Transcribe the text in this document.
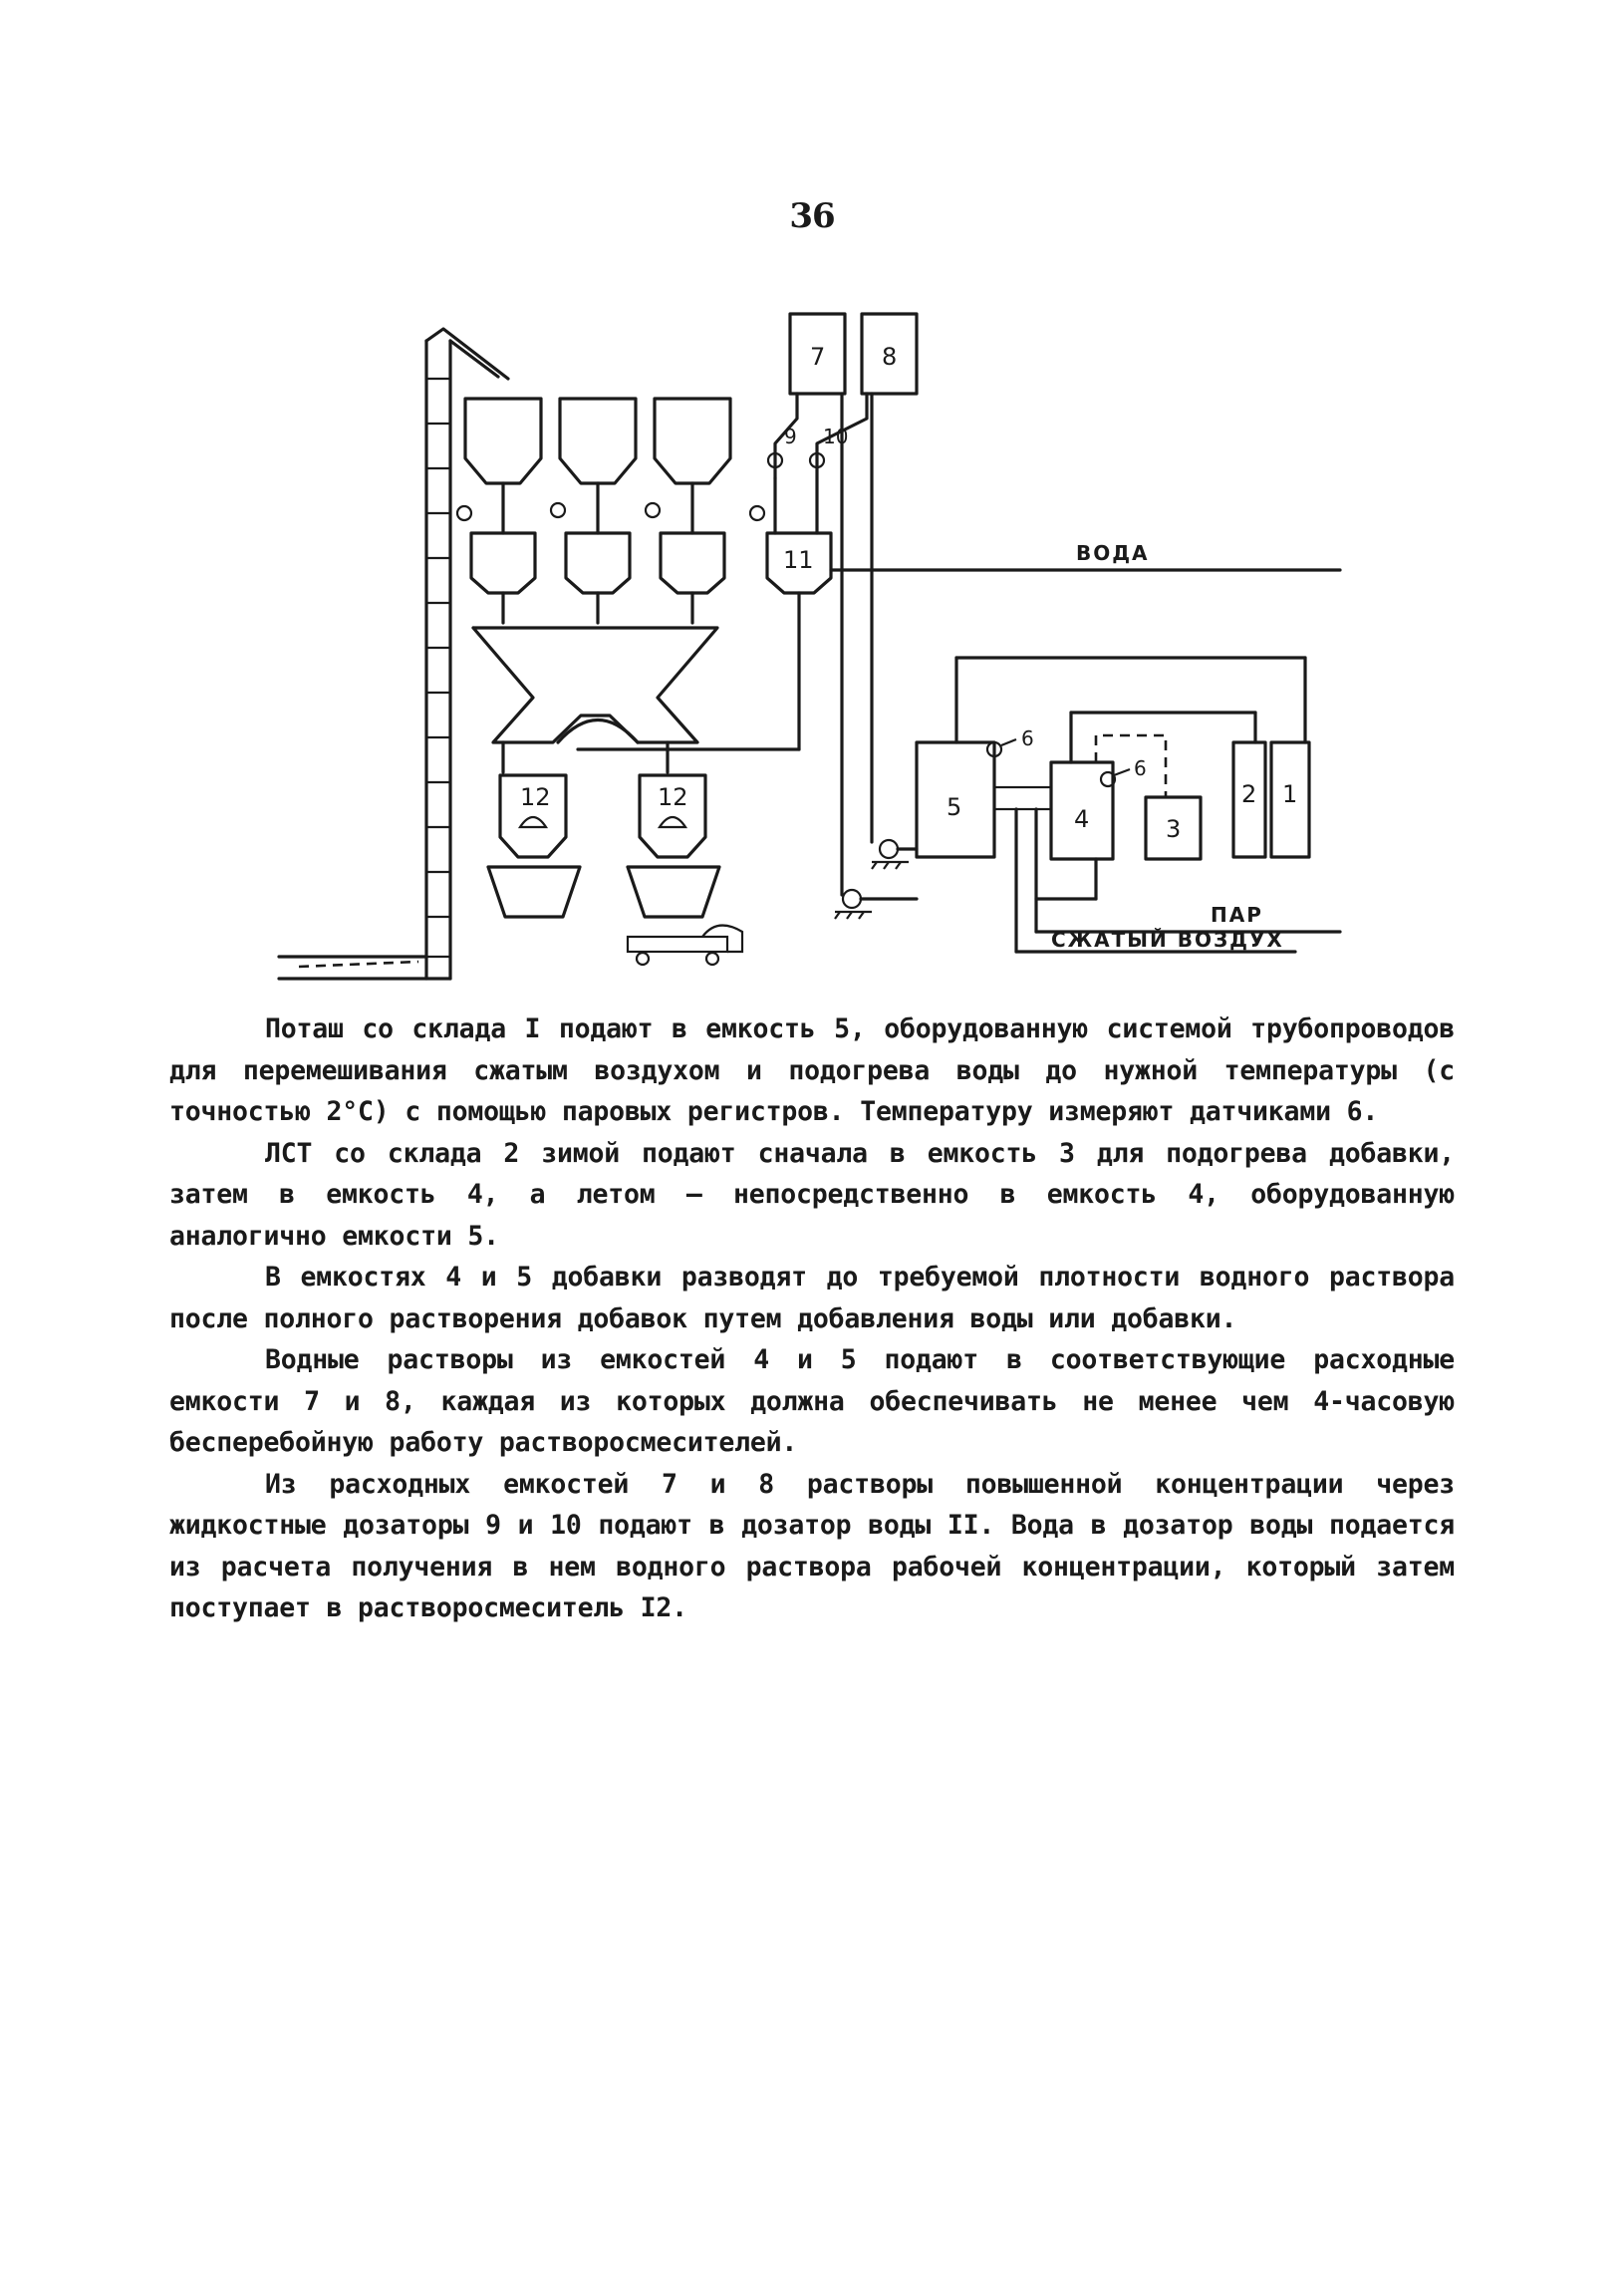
36
12	12
11
7 8
9 10
ВОДА
5
6
4
6
3
2 1
ПАР
СЖАТЫЙ ВОЗДУХ

Поташ со склада I подают в емкость 5, оборудованную системой трубопроводов для перемешивания сжатым воздухом и подогрева воды до нужной температуры (с точностью 2°С) с помощью паровых регистров. Температуру измеряют датчиками 6.

ЛСТ со склада 2 зимой подают сначала в емкость 3 для подогрева добавки, затем в емкость 4, а летом – непосредственно в емкость 4, оборудованную аналогично емкости 5.

В емкостях 4 и 5 добавки разводят до требуемой плотности водного раствора после полного растворения добавок путем добавления воды или добавки.

Водные растворы из емкостей 4 и 5 подают в соответствующие расходные емкости 7 и 8, каждая из которых должна обеспечивать не менее чем 4-часовую бесперебойную работу растворосмесителей.

Из расходных емкостей 7 и 8 растворы повышенной концентрации через жидкостные дозаторы 9 и 10 подают в дозатор воды II. Вода в дозатор воды подается из расчета получения в нем водного раствора рабочей концентрации, который затем поступает в растворосмеситель I2.
